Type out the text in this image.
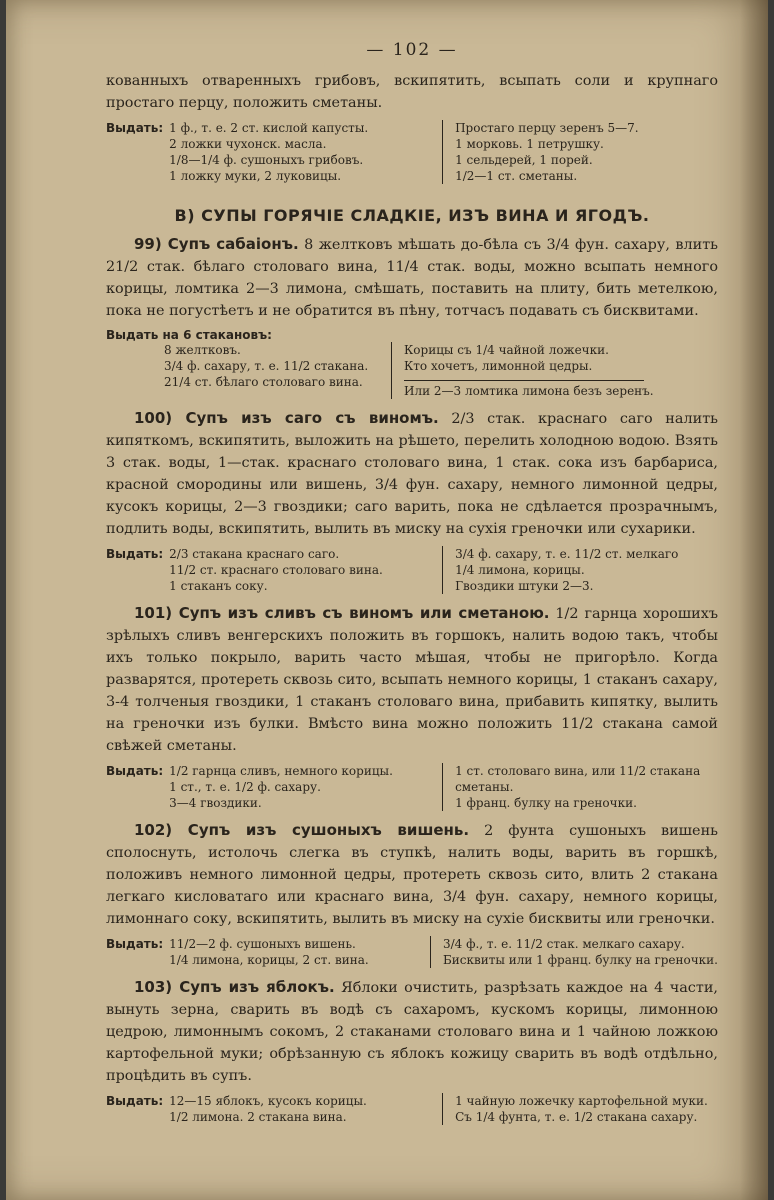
— 102 —

кованныхъ отваренныхъ грибовъ, вскипятить, всыпать соли и крупнаго простаго перцу, положить сметаны.

Выдать: 1 ф., т. е. 2 ст. кислой капусты.
2 ложки чухонск. масла.
1/8—1/4 ф. сушоныхъ грибовъ.
1 ложку муки, 2 луковицы.
Простаго перцу зеренъ 5—7.
1 морковь. 1 петрушку.
1 сельдерей, 1 порей.
1/2—1 ст. сметаны.
В) СУПЫ ГОРЯЧІЕ СЛАДКІЕ, ИЗЪ ВИНА И ЯГОДЪ.

99) Супъ сабаіонъ. 8 желтковъ мѣшать до-бѣла съ 3/4 фун. сахару, влить 21/2 стак. бѣлаго столоваго вина, 11/4 стак. воды, можно всыпать немного корицы, ломтика 2—3 лимона, смѣшать, поставить на плиту, бить метелкою, пока не погустѣетъ и не обратится въ пѣну, тотчасъ подавать съ бисквитами.

Выдать на 6 стакановъ:
8 желтковъ.
3/4 ф. сахару, т. е. 11/2 стакана.
21/4 ст. бѣлаго столоваго вина.
Корицы съ 1/4 чайной ложечки.
Кто хочетъ, лимонной цедры.
Или 2—3 ломтика лимона безъ зеренъ.

100) Супъ изъ саго съ виномъ. 2/3 стак. краснаго саго налить кипяткомъ, вскипятить, выложить на рѣшето, перелить холодною водою. Взять 3 стак. воды, 1—стак. краснаго столоваго вина, 1 стак. сока изъ барбариса, красной смородины или вишень, 3/4 фун. сахару, немного лимонной цедры, кусокъ корицы, 2—3 гвоздики; саго варить, пока не сдѣлается прозрачнымъ, подлить воды, вскипятить, вылить въ миску на сухія греночки или сухарики.

Выдать: 2/3 стакана краснаго саго.
11/2 ст. краснаго столоваго вина.
1 стаканъ соку.
3/4 ф. сахару, т. е. 11/2 ст. мелкаго
1/4 лимона, корицы.
Гвоздики штуки 2—3.

101) Супъ изъ сливъ съ виномъ или сметаною. 1/2 гарнца хорошихъ зрѣлыхъ сливъ венгерскихъ положить въ горшокъ, налить водою такъ, чтобы ихъ только покрыло, варить часто мѣшая, чтобы не пригорѣло. Когда разварятся, протереть сквозь сито, всыпать немного корицы, 1 стаканъ сахару, 3-4 толченыя гвоздики, 1 стаканъ столоваго вина, прибавить кипятку, вылить на греночки изъ булки. Вмѣсто вина можно положить 11/2 стакана самой свѣжей сметаны.

Выдать: 1/2 гарнца сливъ, немного корицы.
1 ст., т. е. 1/2 ф. сахару.
3—4 гвоздики.
1 ст. столоваго вина, или 11/2 стакана
сметаны.
1 франц. булку на греночки.

102) Супъ изъ сушоныхъ вишень. 2 фунта сушоныхъ вишень сполоснуть, истолочь слегка въ ступкѣ, налить воды, варить въ горшкѣ, положивъ немного лимонной цедры, протереть сквозь сито, влить 2 стакана легкаго кисловатаго или краснаго вина, 3/4 фун. сахару, немного корицы, лимоннаго соку, вскипятить, вылить въ миску на сухіе бисквиты или греночки.

Выдать: 11/2—2 ф. сушоныхъ вишень.
1/4 лимона, корицы, 2 ст. вина.
3/4 ф., т. е. 11/2 стак. мелкаго сахару.
Бисквиты или 1 франц. булку на греночки.

103) Супъ изъ яблокъ. Яблоки очистить, разрѣзать каждое на 4 части, вынуть зерна, сварить въ водѣ съ сахаромъ, кускомъ корицы, лимонною цедрою, лимоннымъ сокомъ, 2 стаканами столоваго вина и 1 чайною ложкою картофельной муки; обрѣзанную съ яблокъ кожицу сварить въ водѣ отдѣльно, процѣдить въ супъ.

Выдать: 12—15 яблокъ, кусокъ корицы.
1/2 лимона. 2 стакана вина.
1 чайную ложечку картофельной муки.
Съ 1/4 фунта, т. е. 1/2 стакана сахару.
